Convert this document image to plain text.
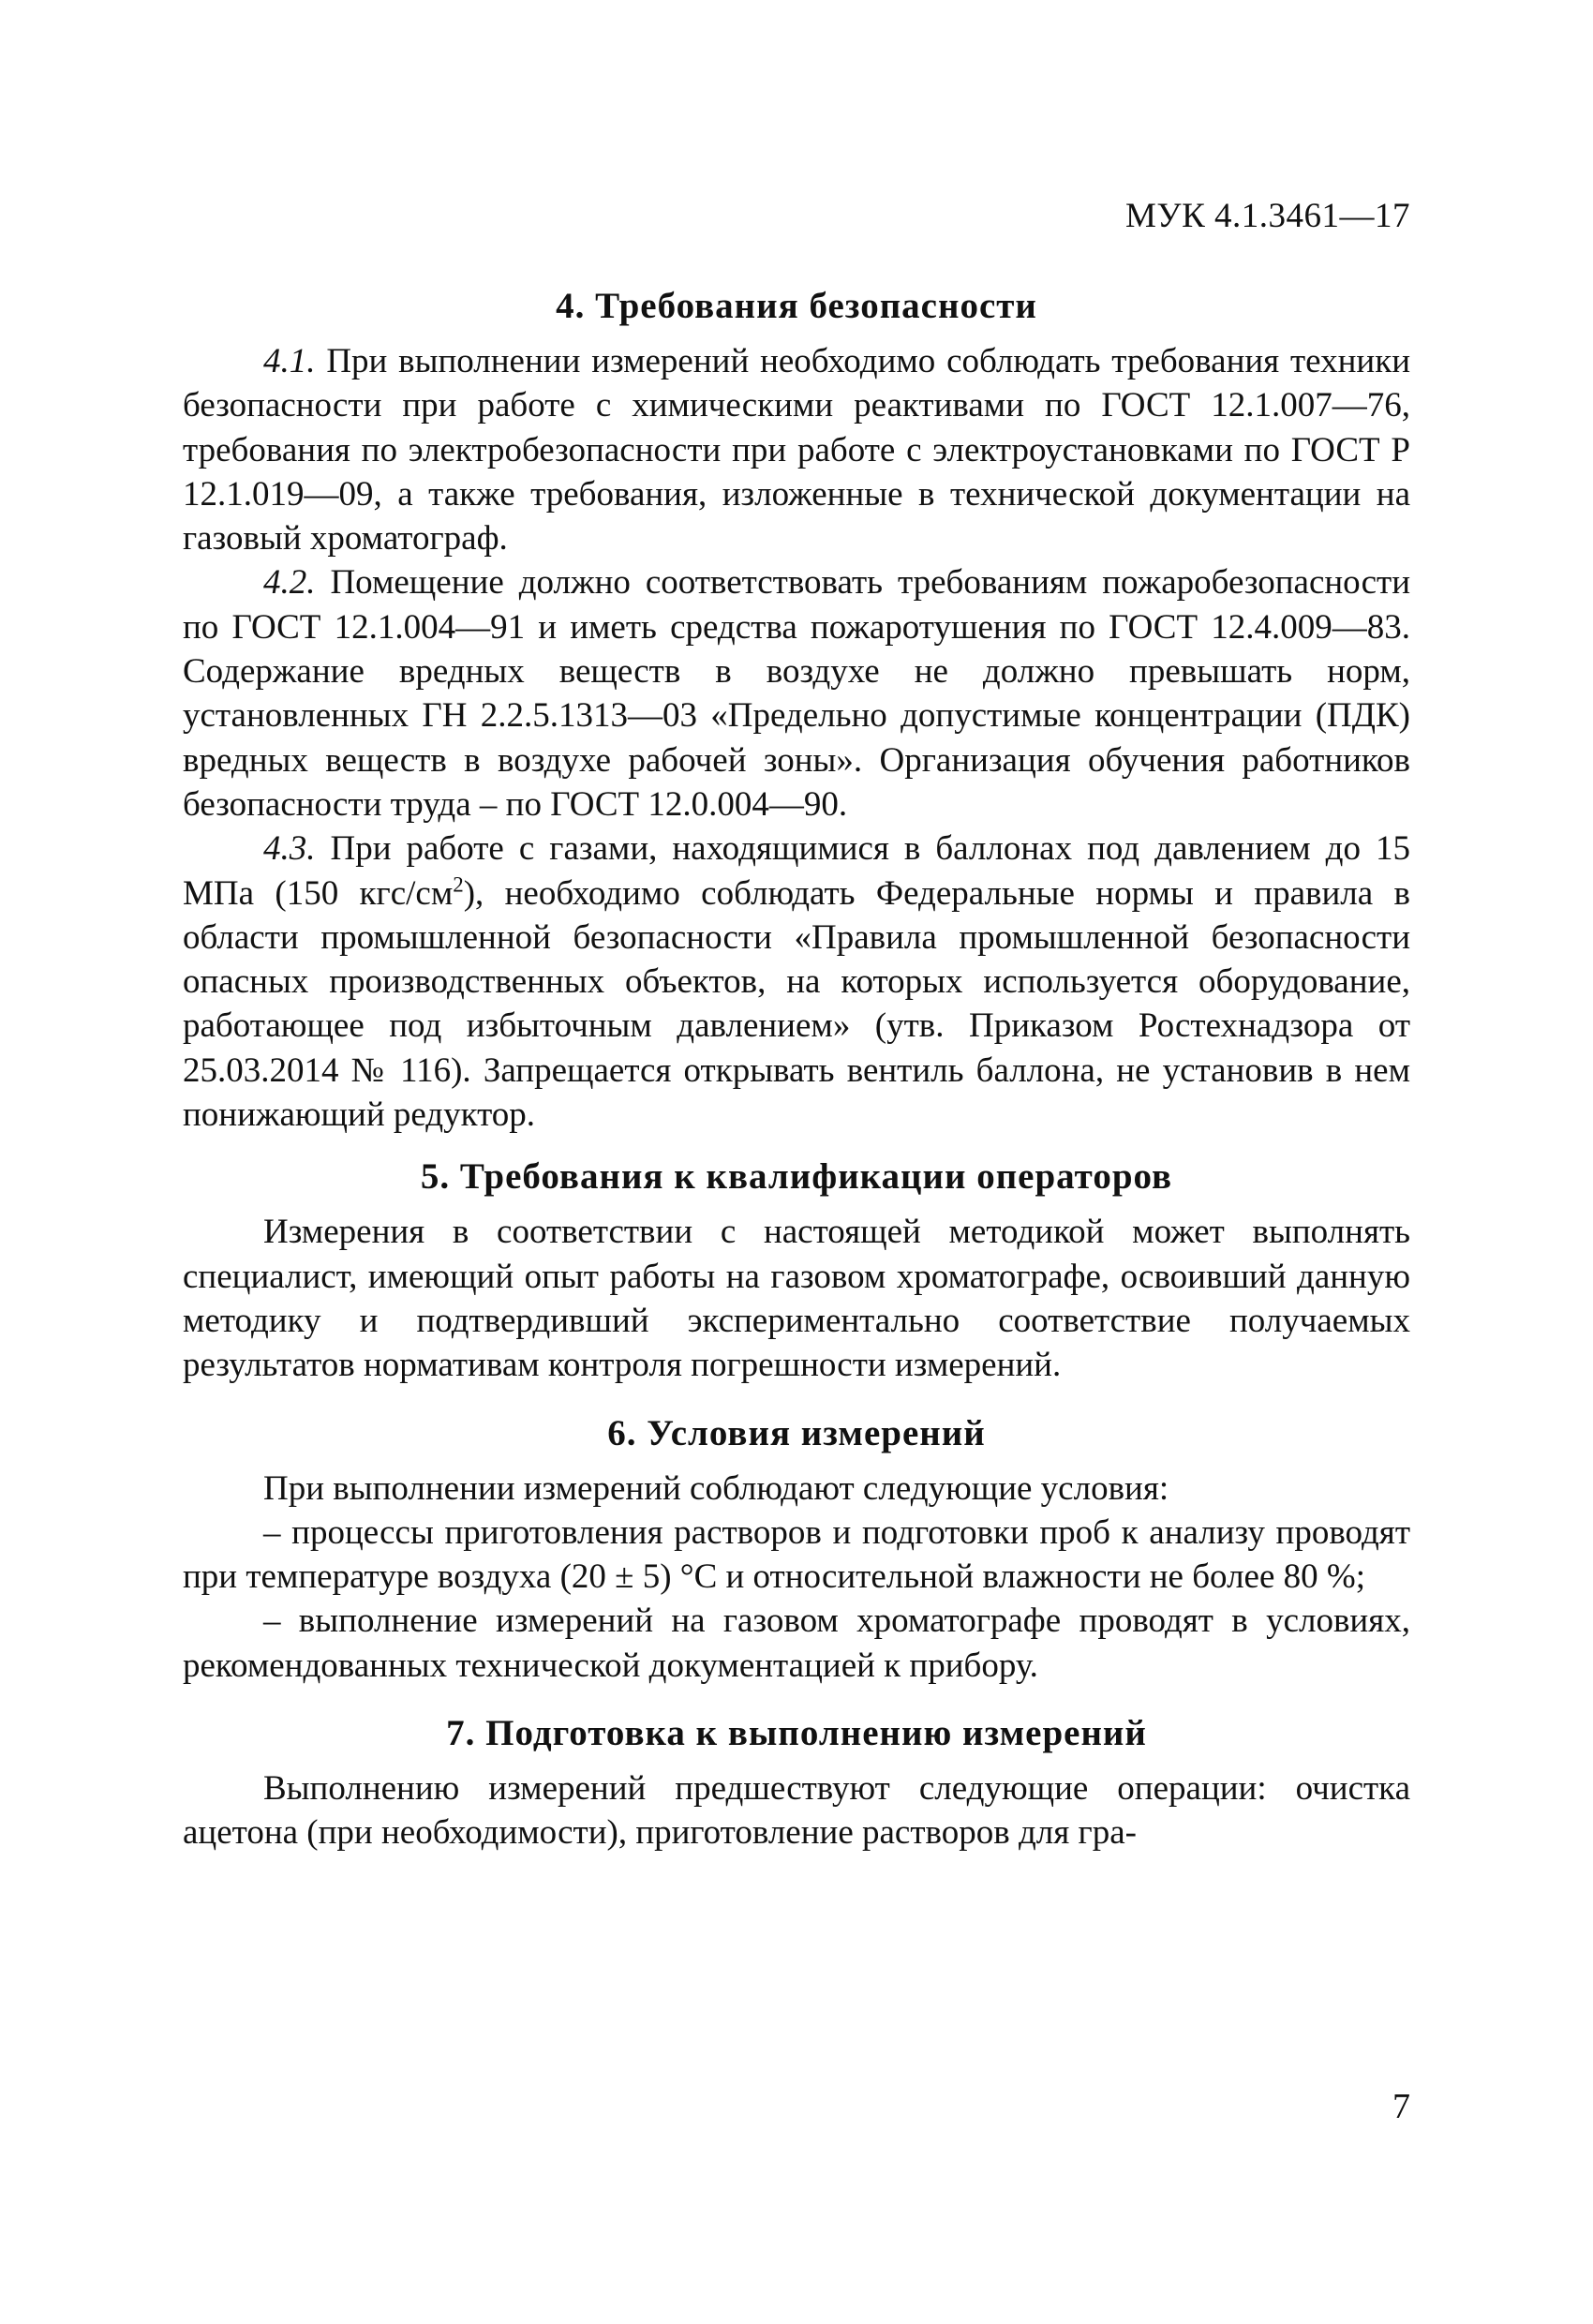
МУК 4.1.3461—17
4. Требования безопасности

4.1. При выполнении измерений необходимо соблюдать требования техники безопасности при работе с химическими реактивами по ГОСТ 12.1.007—76, требования по электробезопасности при работе с электроустановками по ГОСТ Р 12.1.019—09, а также требования, изложенные в технической документации на газовый хроматограф.

4.2. Помещение должно соответствовать требованиям пожаробезопасности по ГОСТ 12.1.004—91 и иметь средства пожаротушения по ГОСТ 12.4.009—83. Содержание вредных веществ в воздухе не должно превышать норм, установленных ГН 2.2.5.1313—03 «Предельно допустимые концентрации (ПДК) вредных веществ в воздухе рабочей зоны». Организация обучения работников безопасности труда – по ГОСТ 12.0.004—90.

4.3. При работе с газами, находящимися в баллонах под давлением до 15 МПа (150 кгс/$см^2$), необходимо соблюдать Федеральные нормы и правила в области промышленной безопасности «Правила промышленной безопасности опасных производственных объектов, на которых используется оборудование, работающее под избыточным давлением» (утв. Приказом Ростехнадзора от 25.03.2014 № 116). Запрещается открывать вентиль баллона, не установив в нем понижающий редуктор.

5. Требования к квалификации операторов

Измерения в соответствии с настоящей методикой может выполнять специалист, имеющий опыт работы на газовом хроматографе, освоивший данную методику и подтвердивший экспериментально соответствие получаемых результатов нормативам контроля погрешности измерений.

6. Условия измерений

При выполнении измерений соблюдают следующие условия:

– процессы приготовления растворов и подготовки проб к анализу проводят при температуре воздуха (20 ± 5) °С и относительной влажности не более 80 %;

– выполнение измерений на газовом хроматографе проводят в условиях, рекомендованных технической документацией к прибору.

7. Подготовка к выполнению измерений

Выполнению измерений предшествуют следующие операции: очистка ацетона (при необходимости), приготовление растворов для гра-

7
